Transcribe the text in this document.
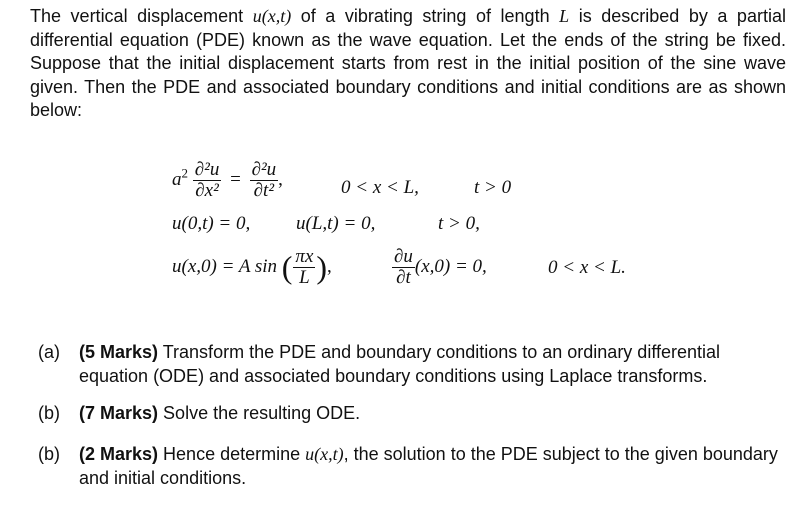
The vertical displacement u(x,t) of a vibrating string of length L is described by a partial differential equation (PDE) known as the wave equation. Let the ends of the string be fixed. Suppose that the initial displacement starts from rest in the initial position of the sine wave given. Then the PDE and associated boundary conditions and initial conditions are as shown below:
$a^2 \frac{\text{∂²u}}{\text{∂x²}} = \frac{\text{∂²u}}{\text{∂t²}}$ ,	0 < x < L,	t > 0
u(0,t) = 0, u(L,t) = 0,	t > 0,
u(x,0) = A sin ( $\frac{\pi x}{L}$ ),	$\frac{\partial u}{\partial t} (x,0) = 0$,	0 < x < L.
(a) (5 Marks) Transform the PDE and boundary conditions to an ordinary differential equation (ODE) and associated boundary conditions using Laplace transforms.
(b) (7 Marks) Solve the resulting ODE.
(b) (2 Marks) Hence determine u(x,t), the solution to the PDE subject to the given boundary and initial conditions.
